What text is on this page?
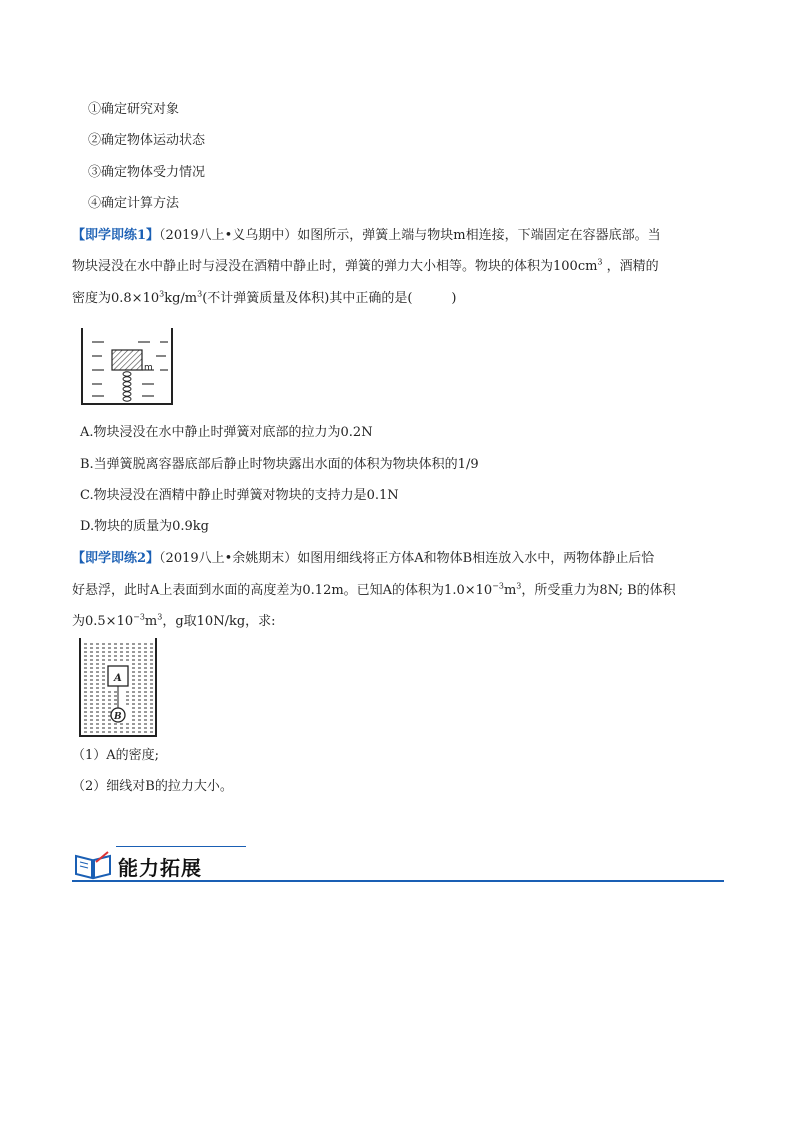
①确定研究对象
②确定物体运动状态
③确定物体受力情况
④确定计算方法
【即学即练1】（2019八上•义乌期中）如图所示，弹簧上端与物块m相连接，下端固定在容器底部。当
物块浸没在水中静止时与浸没在酒精中静止时，弹簧的弹力大小相等。物块的体积为$100cm^3$ ，酒精的
密度为$0.8\times 10^3kg/m^3$(不计弹簧质量及体积)其中正确的是(　　　)
m
A.物块浸没在水中静止时弹簧对底部的拉力为0.2N
B.当弹簧脱离容器底部后静止时物块露出水面的体积为物块体积的1/9
C.物块浸没在酒精中静止时弹簧对物块的支持力是0.1N
D.物块的质量为0.9kg
【即学即练2】（2019八上•余姚期末）如图用细线将正方体A和物体B相连放入水中，两物体静止后恰
好悬浮，此时A上表面到水面的高度差为0.12m。已知A的体积为$1.0\times 10^{-3}m^3$，所受重力为8N; B的体积
为$0.5\times 10^{-3}m^3$，g取10N/kg，求:
A
B
（1）A的密度;
（2）细线对B的拉力大小。
能力拓展
